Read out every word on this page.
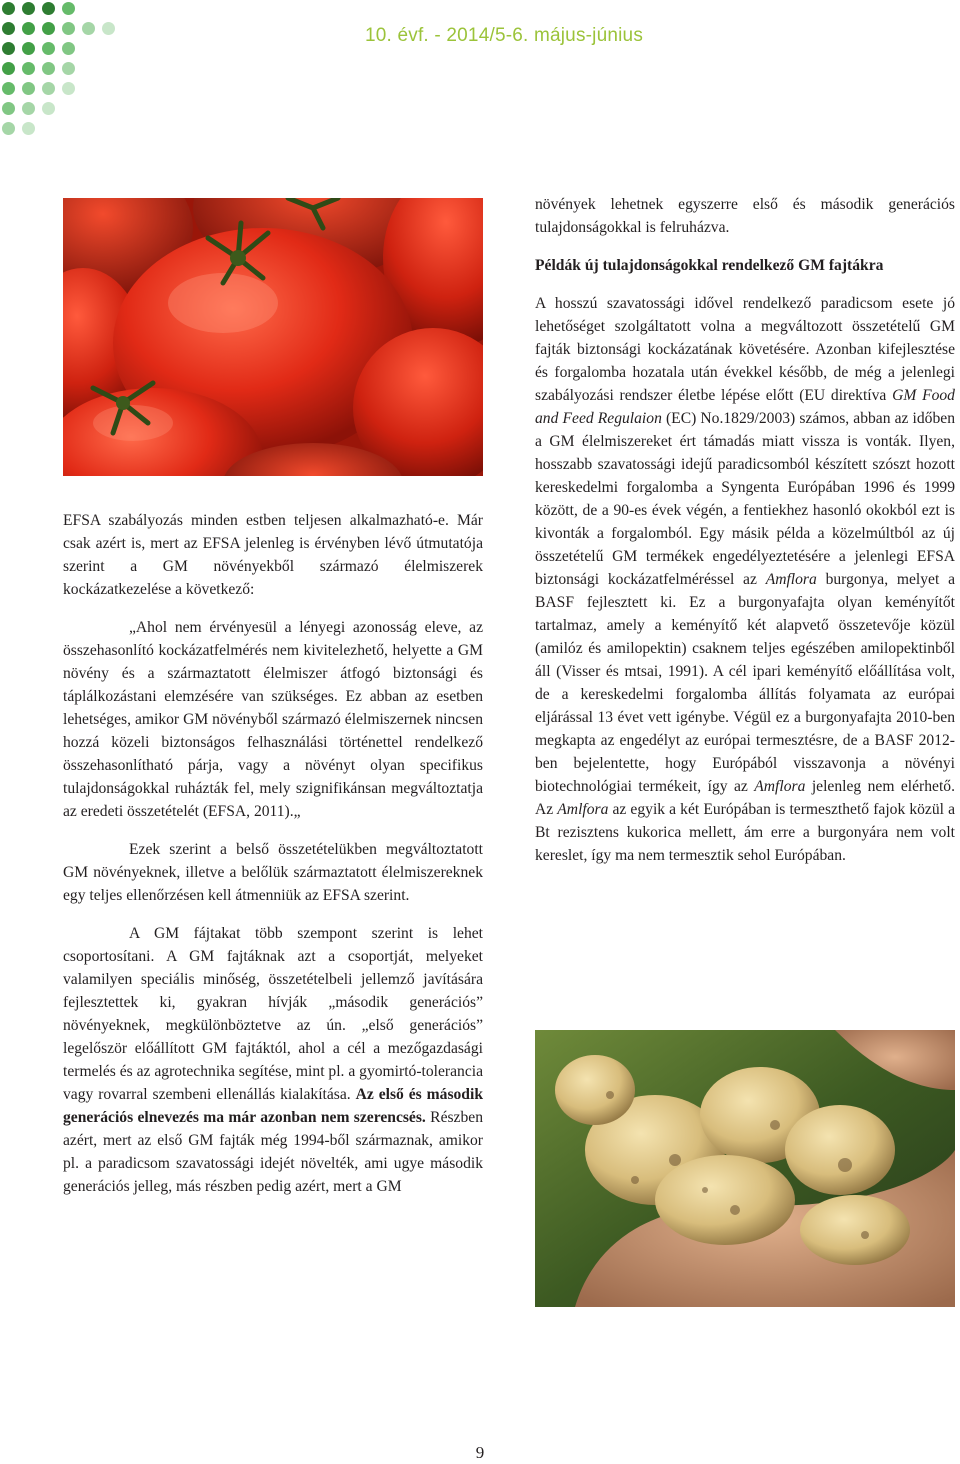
10. évf. - 2014/5-6. május-június

EFSA szabályozás minden estben teljesen alkalmazható-e. Már csak azért is, mert az EFSA jelenleg is érvényben lévő útmutatója szerint a GM növényekből származó élelmiszerek kockázatkezelése a következő:

„Ahol nem érvényesül a lényegi azonosság eleve, az összehasonlító kockázatfelmérés nem kivitelezhető, helyette a GM növény és a származtatott élelmiszer átfogó biztonsági és táplálkozástani elemzésére van szükséges. Ez abban az esetben lehetséges, amikor GM növényből származó élelmiszernek nincsen hozzá közeli biztonságos felhasználási történettel rendelkező összehasonlítható párja, vagy a növényt olyan specifikus tulajdonságokkal ruházták fel, mely szignifikánsan megváltoztatja az eredeti összetételét (EFSA, 2011).„

Ezek szerint a belső összetételükben megváltoztatott GM növényeknek, illetve a belőlük származtatott élelmiszereknek egy teljes ellenőrzésen kell átmenniük az EFSA szerint.

A GM fájtakat több szempont szerint is lehet csoportosítani. A GM fajtáknak azt a csoportját, melyeket valamilyen speciális minőség, összetételbeli jellemző javítására fejlesztettek ki, gyakran hívják „második generációs” növényeknek, megkülönböztetve az ún. „első generációs” legelőször előállított GM fajtáktól, ahol a cél a mezőgazdasági termelés és az agrotechnika segítése, mint pl. a gyomirtó-tolerancia vagy rovarral szembeni ellenállás kialakítása. Az első és második generációs elnevezés ma már azonban nem szerencsés. Részben azért, mert az első GM fajták még 1994-ből származnak, amikor pl. a paradicsom szavatossági idejét növelték, ami ugye második generációs jelleg, más részben pedig azért, mert a GM

növények lehetnek egyszerre első és második generációs tulajdonságokkal is felruházva.

Példák új tulajdonságokkal rendelkező GM fajtákra

A hosszú szavatossági idővel rendelkező paradicsom esete jó lehetőséget szolgáltatott volna a megváltozott összetételű GM fajták biztonsági kockázatának követésére. Azonban kifejlesztése és forgalomba hozatala után évekkel később, de még a jelenlegi szabályozási rendszer életbe lépése előtt (EU direktíva GM Food and Feed Regulaion (EC) No.1829/2003) számos, abban az időben a GM élelmiszereket ért támadás miatt vissza is vonták. Ilyen, hosszabb szavatossági idejű paradicsomból készített szószt hozott kereskedelmi forgalomba a Syngenta Európában 1996 és 1999 között, de a 90-es évek végén, a fentiekhez hasonló okokból ezt is kivonták a forgalomból. Egy másik példa a közelmúltból az új összetételű GM termékek engedélyeztetésére a jelenlegi EFSA biztonsági kockázatfelméréssel az Amflora burgonya, melyet a BASF fejlesztett ki. Ez a burgonyafajta olyan keményítőt tartalmaz, amely a keményítő két alapvető összetevője közül (amilóz és amilopektin) csaknem teljes egészében amilopektinből áll (Visser és mtsai, 1991). A cél ipari keményítő előállítása volt, de a kereskedelmi forgalomba állítás folyamata az európai eljárással 13 évet vett igénybe. Végül ez a burgonyafajta 2010-ben megkapta az engedélyt az európai termesztésre, de a BASF 2012-ben bejelentette, hogy Európából visszavonja a növényi biotechnológiai termékeit, így az Amflora jelenleg nem elérhető. Az Amlfora az egyik a két Európában is termeszthető fajok közül a Bt rezisztens kukorica mellett, ám erre a burgonyára nem volt kereslet, így ma nem termesztik sehol Európában.

9
